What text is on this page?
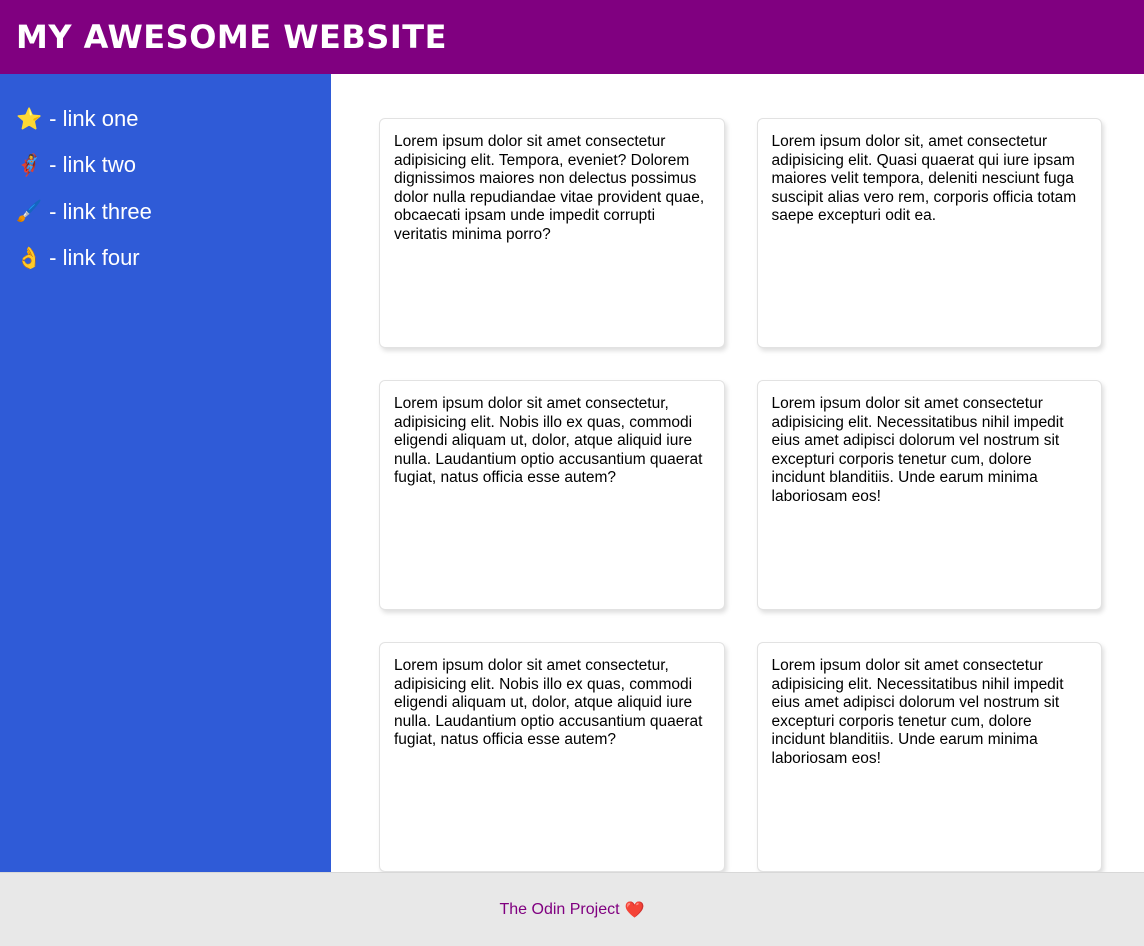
MY AWESOME WEBSITE
⭐ - link one
🦸‍♀️ - link two
🖌️ - link three
👌 - link four

Lorem ipsum dolor sit amet consectetur adipisicing elit. Tempora, eveniet? Dolorem dignissimos maiores non delectus possimus dolor nulla repudiandae vitae provident quae, obcaecati ipsam unde impedit corrupti veritatis minima porro?

Lorem ipsum dolor sit, amet consectetur adipisicing elit. Quasi quaerat qui iure ipsam maiores velit tempora, deleniti nesciunt fuga suscipit alias vero rem, corporis officia totam saepe excepturi odit ea.

Lorem ipsum dolor sit amet consectetur, adipisicing elit. Nobis illo ex quas, commodi eligendi aliquam ut, dolor, atque aliquid iure nulla. Laudantium optio accusantium quaerat fugiat, natus officia esse autem?

Lorem ipsum dolor sit amet consectetur adipisicing elit. Necessitatibus nihil impedit eius amet adipisci dolorum vel nostrum sit excepturi corporis tenetur cum, dolore incidunt blanditiis. Unde earum minima laboriosam eos!

Lorem ipsum dolor sit amet consectetur, adipisicing elit. Nobis illo ex quas, commodi eligendi aliquam ut, dolor, atque aliquid iure nulla. Laudantium optio accusantium quaerat fugiat, natus officia esse autem?

Lorem ipsum dolor sit amet consectetur adipisicing elit. Necessitatibus nihil impedit eius amet adipisci dolorum vel nostrum sit excepturi corporis tenetur cum, dolore incidunt blanditiis. Unde earum minima laboriosam eos!

The Odin Project ❤️
